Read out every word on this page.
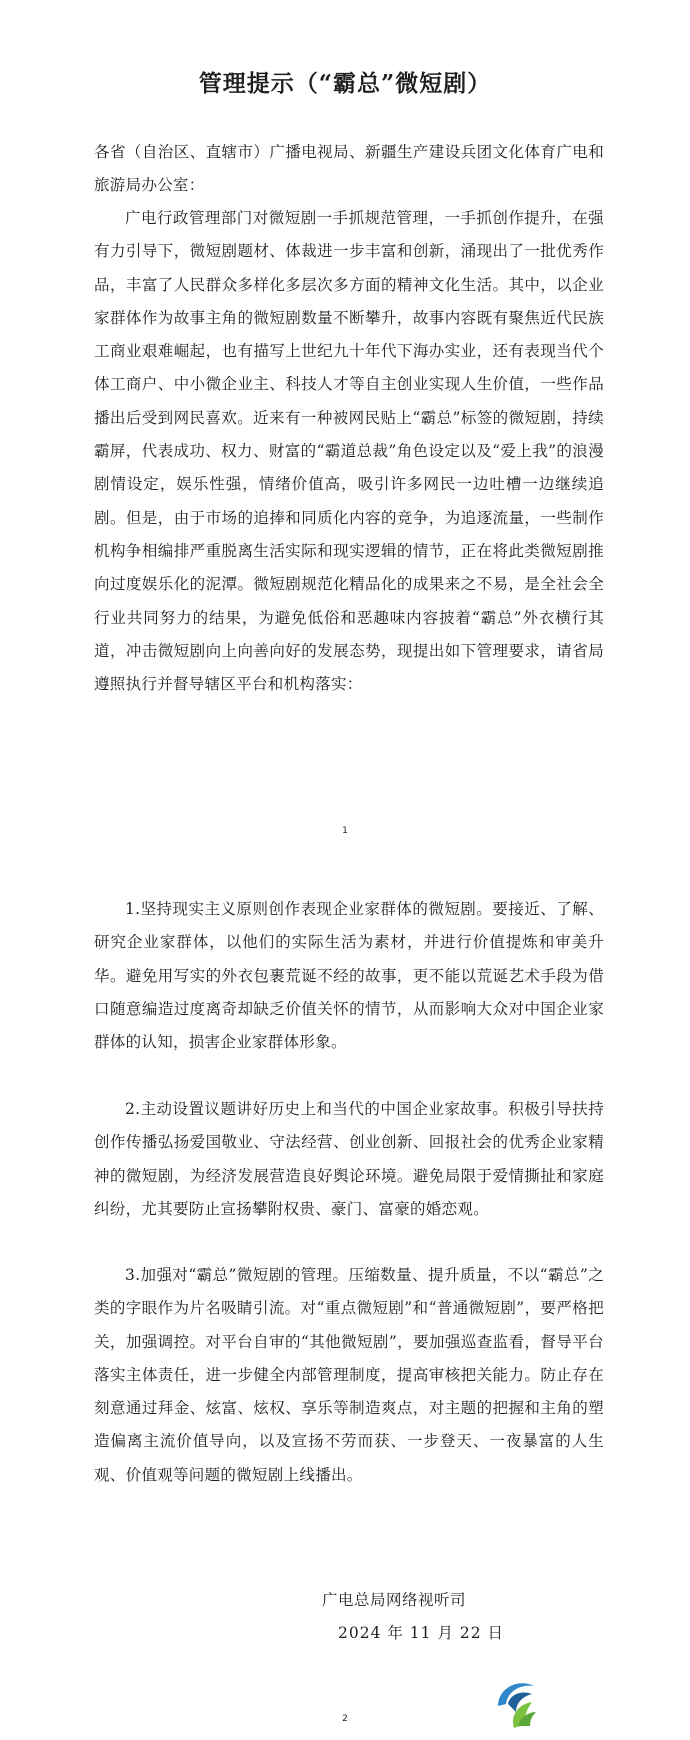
管理提示（“霸总”微短剧）

各省（自治区、直辖市）广播电视局、新疆生产建设兵团文化体育广电和旅游局办公室：

广电行政管理部门对微短剧一手抓规范管理，一手抓创作提升，在强有力引导下，微短剧题材、体裁进一步丰富和创新，涌现出了一批优秀作品，丰富了人民群众多样化多层次多方面的精神文化生活。其中，以企业家群体作为故事主角的微短剧数量不断攀升，故事内容既有聚焦近代民族工商业艰难崛起，也有描写上世纪九十年代下海办实业，还有表现当代个体工商户、中小微企业主、科技人才等自主创业实现人生价值，一些作品播出后受到网民喜欢。近来有一种被网民贴上“霸总”标签的微短剧，持续霸屏，代表成功、权力、财富的“霸道总裁”角色设定以及“爱上我”的浪漫剧情设定，娱乐性强，情绪价值高，吸引许多网民一边吐槽一边继续追剧。但是，由于市场的追捧和同质化内容的竞争，为追逐流量，一些制作机构争相编排严重脱离生活实际和现实逻辑的情节，正在将此类微短剧推向过度娱乐化的泥潭。微短剧规范化精品化的成果来之不易，是全社会全行业共同努力的结果，为避免低俗和恶趣味内容披着“霸总”外衣横行其道，冲击微短剧向上向善向好的发展态势，现提出如下管理要求，请省局遵照执行并督导辖区平台和机构落实：

1

1.坚持现实主义原则创作表现企业家群体的微短剧。要接近、了解、研究企业家群体，以他们的实际生活为素材，并进行价值提炼和审美升华。避免用写实的外衣包裹荒诞不经的故事，更不能以荒诞艺术手段为借口随意编造过度离奇却缺乏价值关怀的情节，从而影响大众对中国企业家群体的认知，损害企业家群体形象。

2.主动设置议题讲好历史上和当代的中国企业家故事。积极引导扶持创作传播弘扬爱国敬业、守法经营、创业创新、回报社会的优秀企业家精神的微短剧，为经济发展营造良好舆论环境。避免局限于爱情撕扯和家庭纠纷，尤其要防止宣扬攀附权贵、豪门、富豪的婚恋观。

3.加强对“霸总”微短剧的管理。压缩数量、提升质量，不以“霸总”之类的字眼作为片名吸睛引流。对“重点微短剧”和“普通微短剧”，要严格把关，加强调控。对平台自审的“其他微短剧”，要加强巡查监看，督导平台落实主体责任，进一步健全内部管理制度，提高审核把关能力。防止存在刻意通过拜金、炫富、炫权、享乐等制造爽点，对主题的把握和主角的塑造偏离主流价值导向，以及宣扬不劳而获、一步登天、一夜暴富的人生观、价值观等问题的微短剧上线播出。

广电总局网络视听司

2024 年 11 月 22 日

2
